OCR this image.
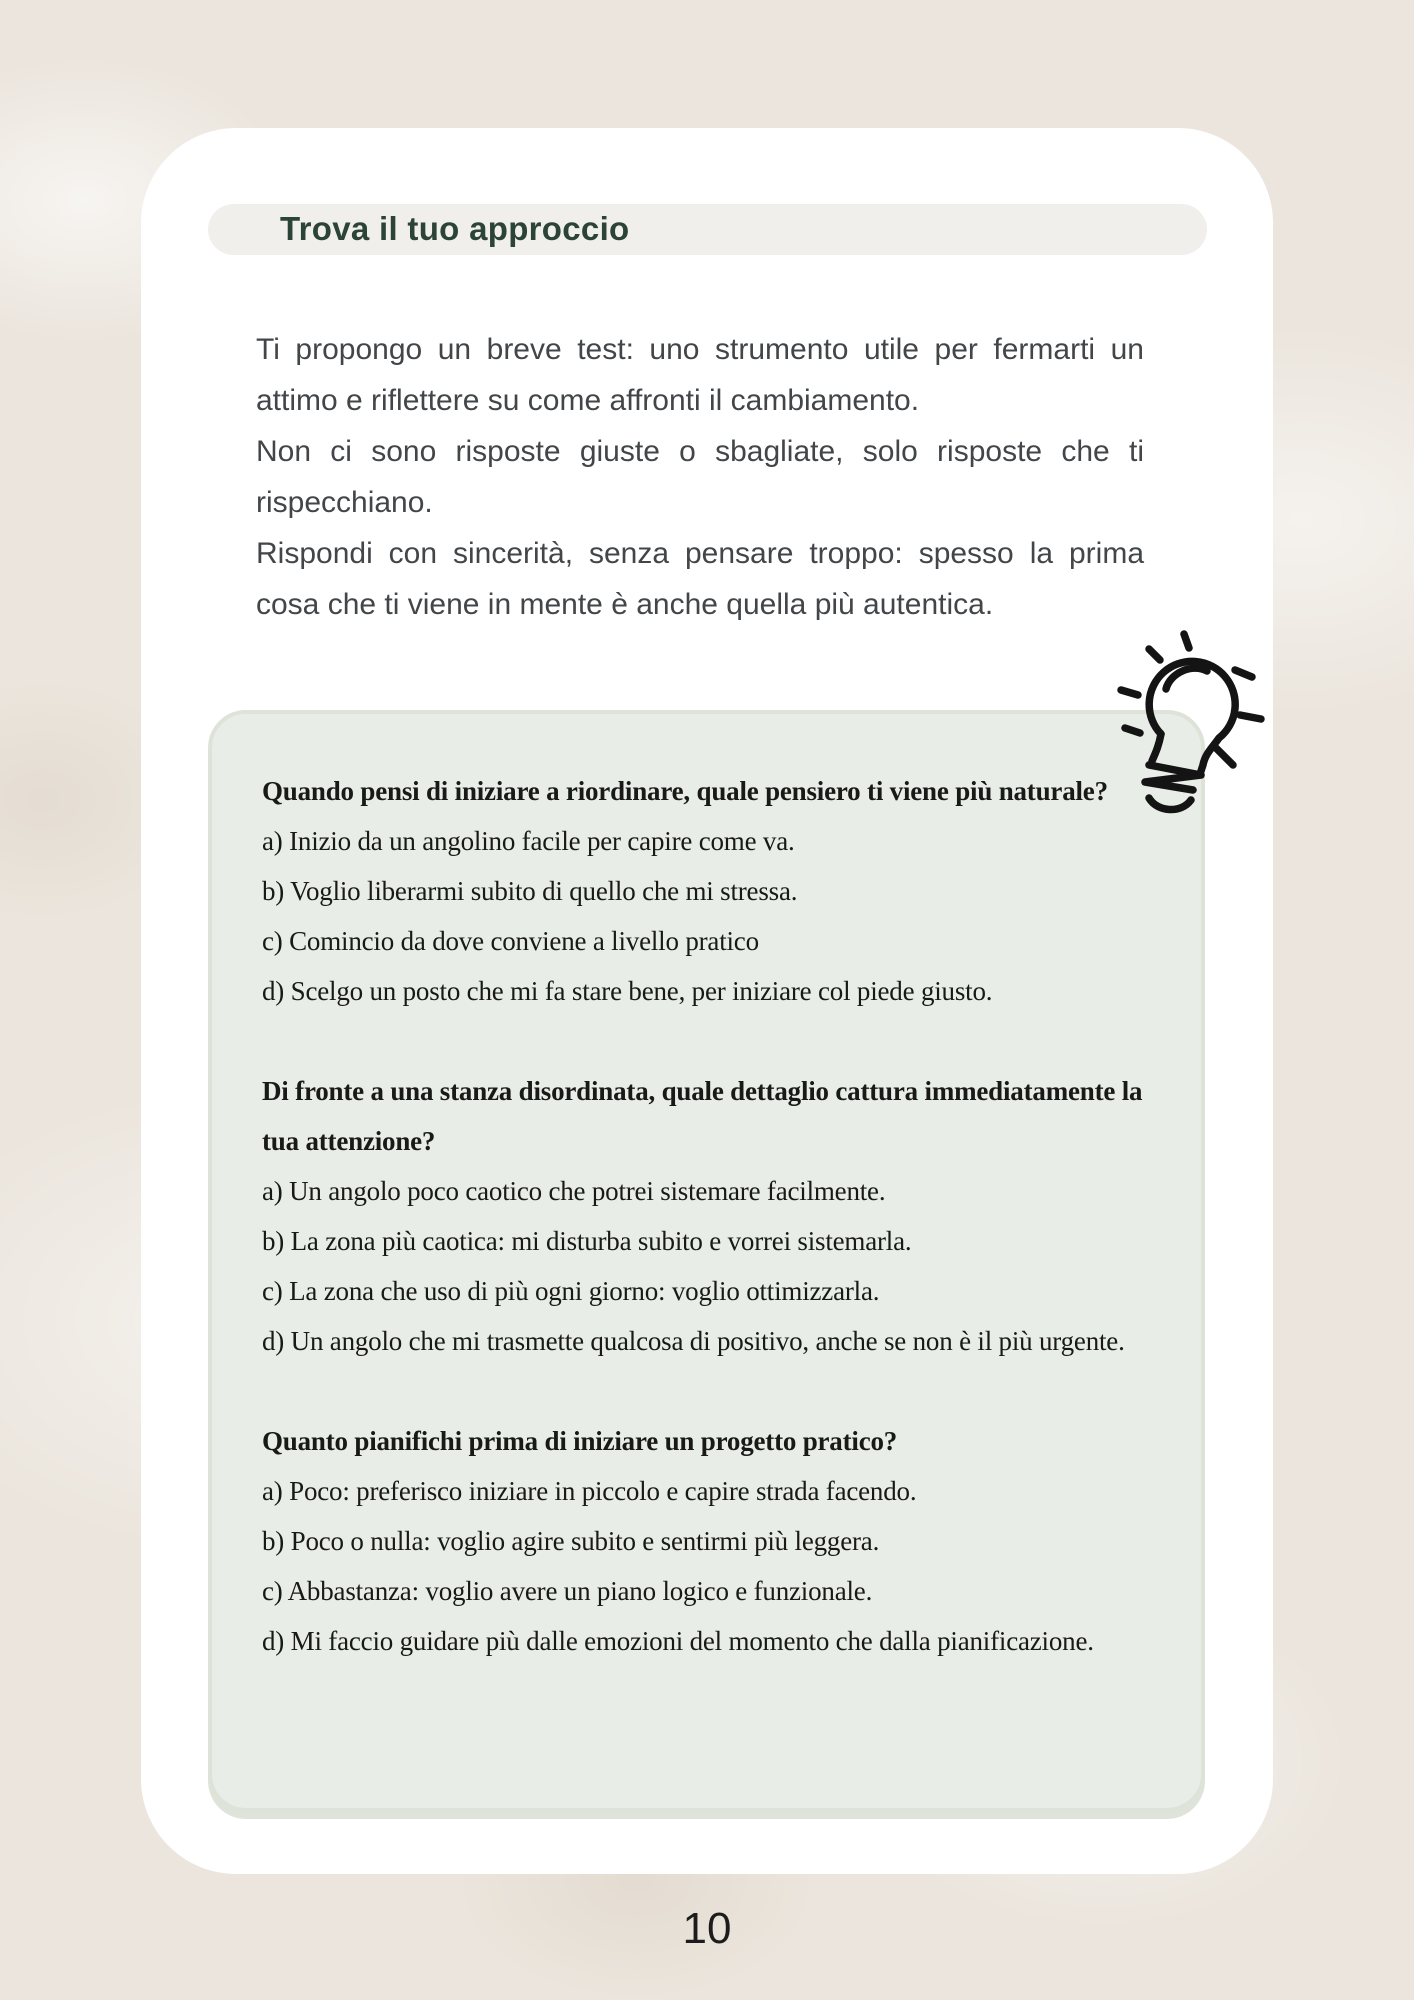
Trova il tuo approccio

Ti propongo un breve test: uno strumento utile per fermarti un attimo e riflettere su come affronti il cambiamento.

Non ci sono risposte giuste o sbagliate, solo risposte che ti rispecchiano.

Rispondi con sincerità, senza pensare troppo: spesso la prima cosa che ti viene in mente è anche quella più autentica.

Quando pensi di iniziare a riordinare, quale pensiero ti viene più naturale?

a) Inizio da un angolino facile per capire come va.

b) Voglio liberarmi subito di quello che mi stressa.

c) Comincio da dove conviene a livello pratico

d) Scelgo un posto che mi fa stare bene, per iniziare col piede giusto.

Di fronte a una stanza disordinata, quale dettaglio cattura immediatamente la tua attenzione?

a) Un angolo poco caotico che potrei sistemare facilmente.

b) La zona più caotica: mi disturba subito e vorrei sistemarla.

c) La zona che uso di più ogni giorno: voglio ottimizzarla.

d) Un angolo che mi trasmette qualcosa di positivo, anche se non è il più urgente.

Quanto pianifichi prima di iniziare un progetto pratico?

a) Poco: preferisco iniziare in piccolo e capire strada facendo.

b) Poco o nulla: voglio agire subito e sentirmi più leggera.

c) Abbastanza: voglio avere un piano logico e funzionale.

d) Mi faccio guidare più dalle emozioni del momento che dalla pianificazione.

10
